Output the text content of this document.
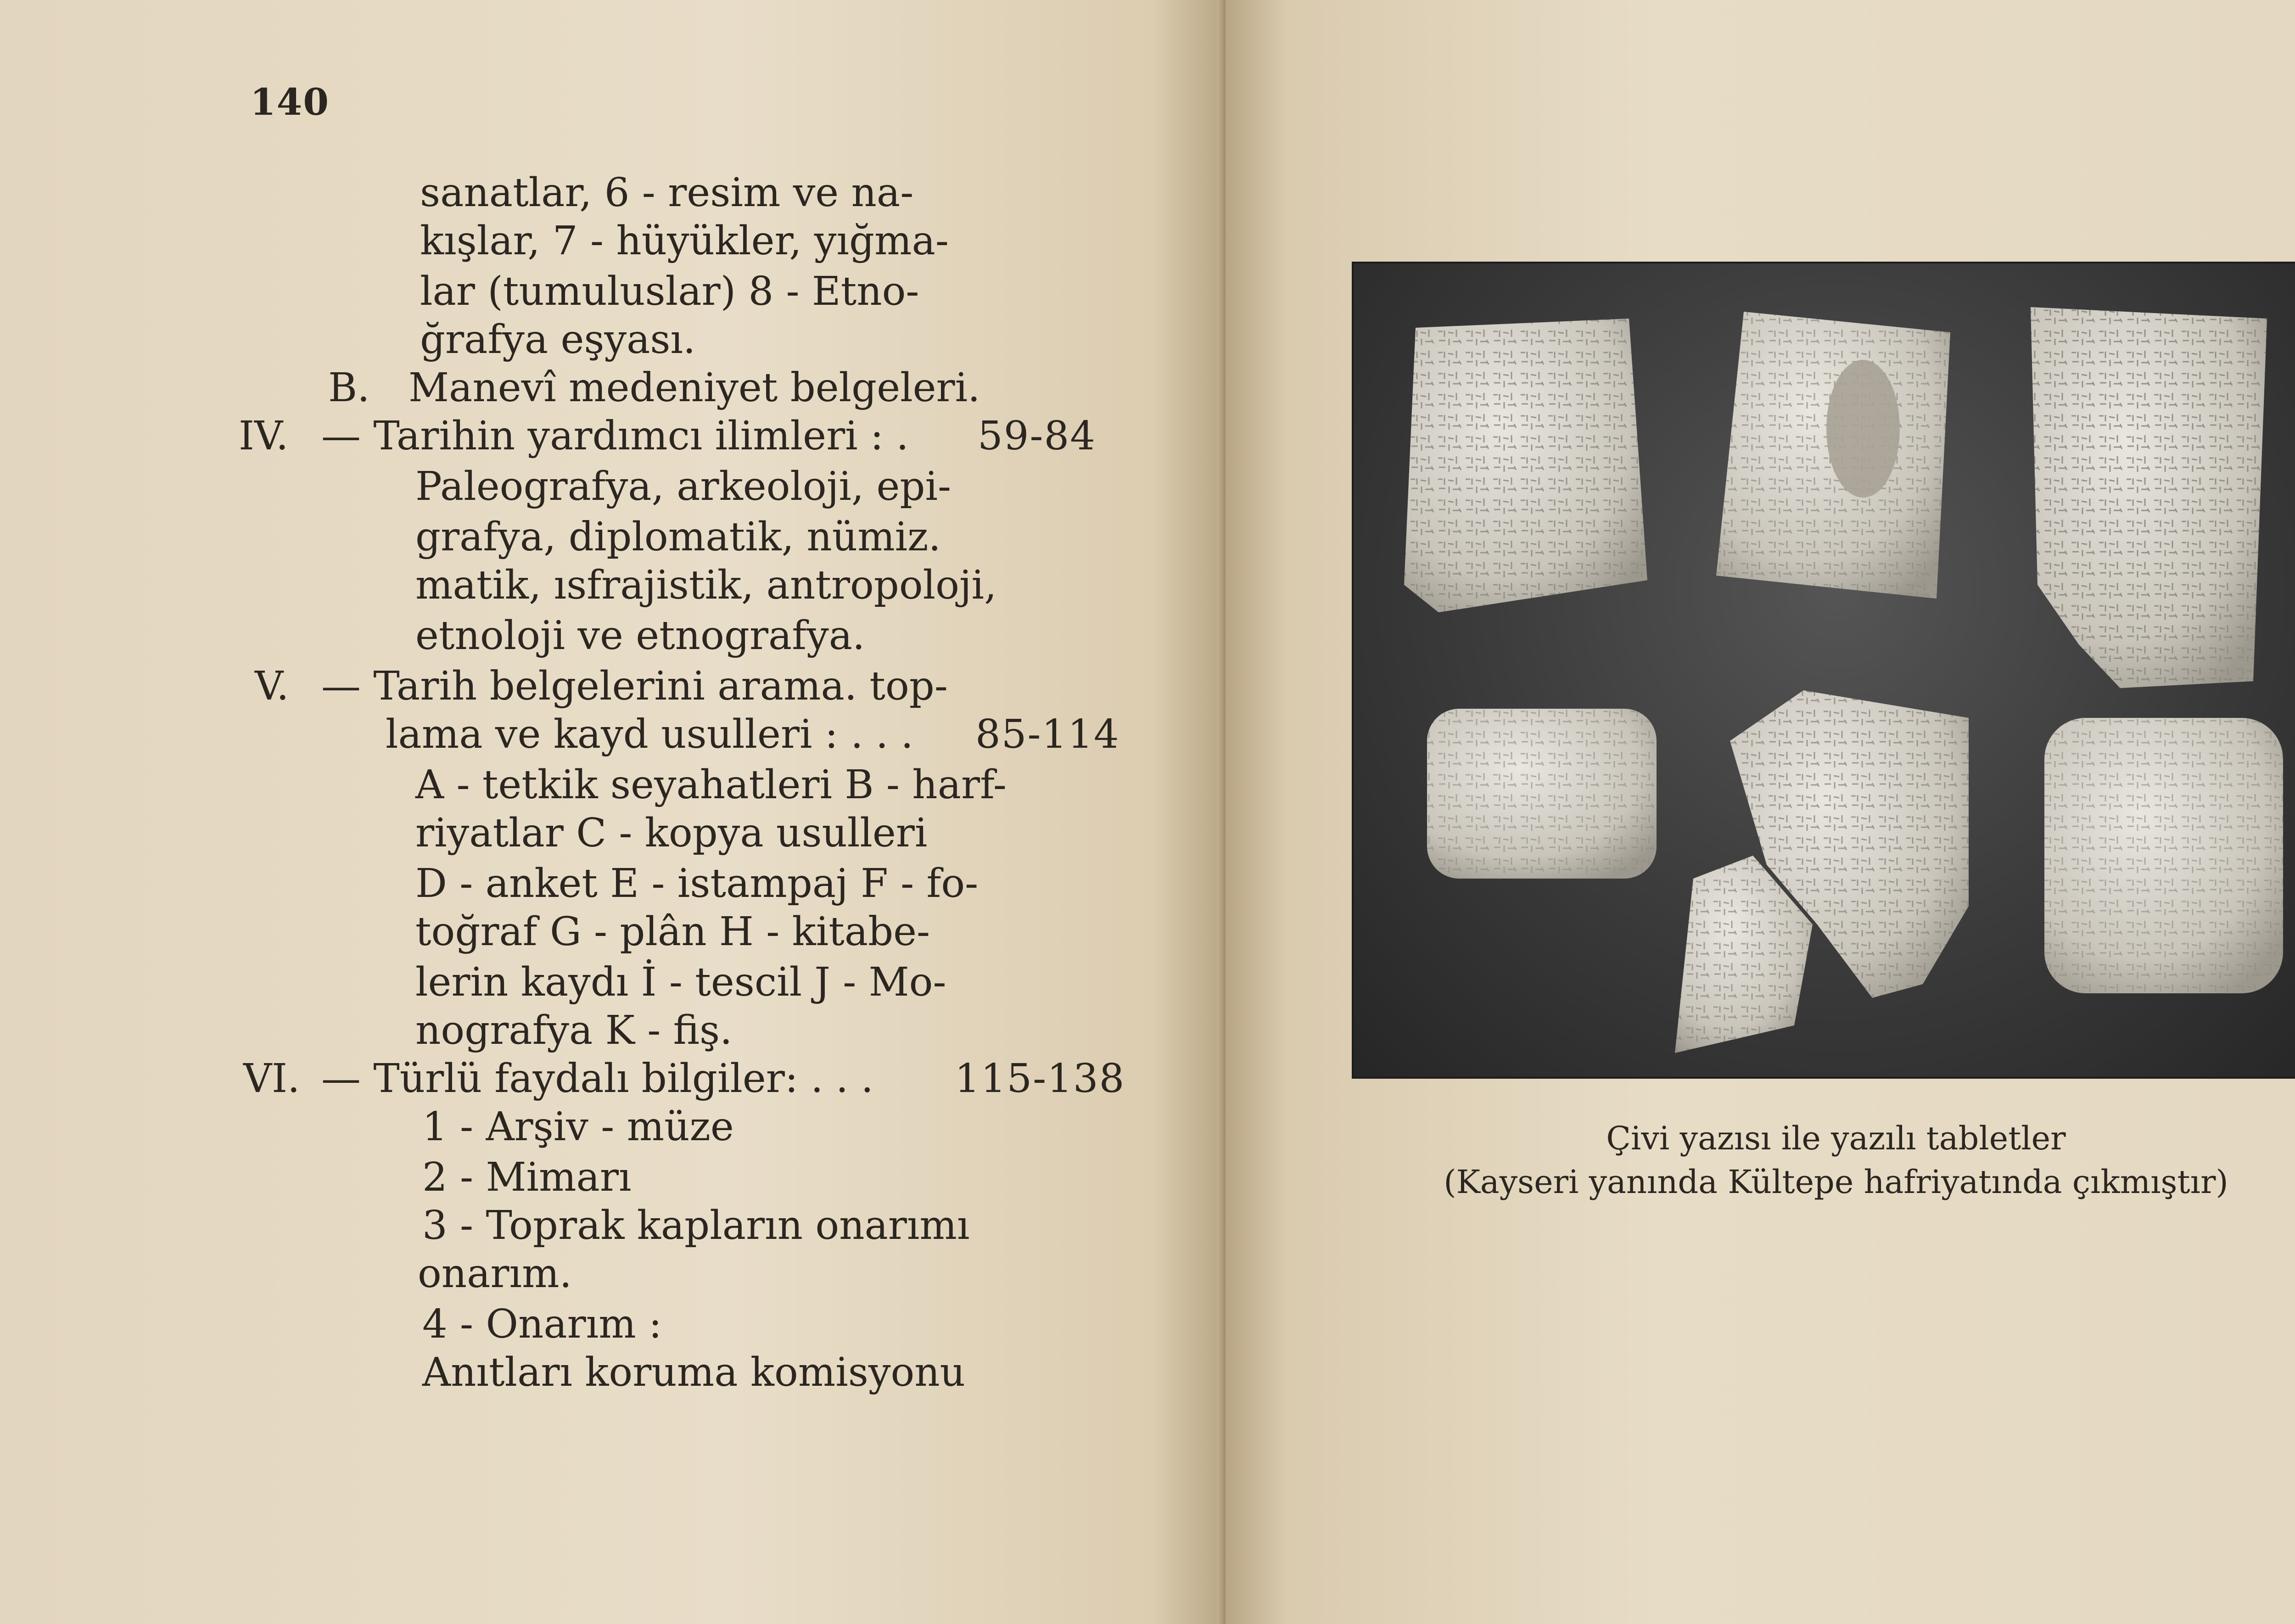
140
sanatlar, 6 - resim ve na-
kışlar, 7 - hüyükler, yığma-
lar (tumuluslar) 8 - Etno-
ğrafya eşyası.
B. Manevî medeniyet belgeleri.
IV. — Tarihin yardımcı ilimleri : . 59-84
Paleografya, arkeoloji, epi-
grafya, diplomatik, nümiz.
matik, ısfrajistik, antropoloji,
etnoloji ve etnografya.
V. — Tarih belgelerini arama. top-
lama ve kayd usulleri : . . . 85-114
A - tetkik seyahatleri B - harf-
riyatlar C - kopya usulleri
D - anket E - istampaj F - fo-
toğraf G - plân H - kitabe-
lerin kaydı İ - tescil J - Mo-
nografya K - fiş.
VI. — Türlü faydalı bilgiler: . . . 115-138
1 - Arşiv - müze
2 - Mimarı
3 - Toprak kapların onarımı
onarım.
4 - Onarım :
Anıtları koruma komisyonu
Çivi yazısı ile yazılı tabletler
(Kayseri yanında Kültepe hafriyatında çıkmıştır)
